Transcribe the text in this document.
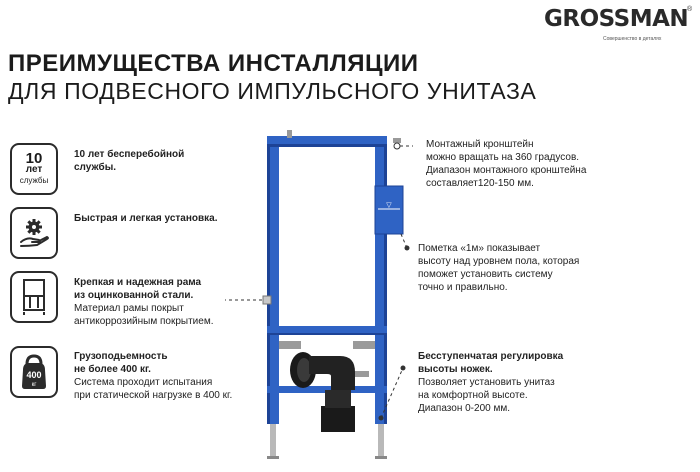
GROSSMAN
®
Совершенство в деталях
ПРЕИМУЩЕСТВА ИНСТАЛЛЯЦИИ
ДЛЯ ПОДВЕСНОГО ИМПУЛЬСНОГО УНИТАЗА
10
лет
службы
10 лет бесперебойной
службы.
Быстрая и легкая установка.
Крепкая и надежная рама
из оцинкованной стали.
Материал рамы покрыт
антикоррозийным покрытием.
400
кг
Грузоподьемность
не более 400 кг.
Система проходит испытания
при статической нагрузке в 400 кг.
▽
Монтажный кронштейн
можно вращать на 360 градусов.
Диапазон монтажного кронштейна
составляет120-150 мм.
Пометка «1м» показывает
высоту над уровнем пола, которая
поможет установить систему
точно и правильно.
Бесступенчатая регулировка
высоты ножек.
Позволяет установить унитаз
на комфортной высоте.
Диапазон 0-200 мм.
